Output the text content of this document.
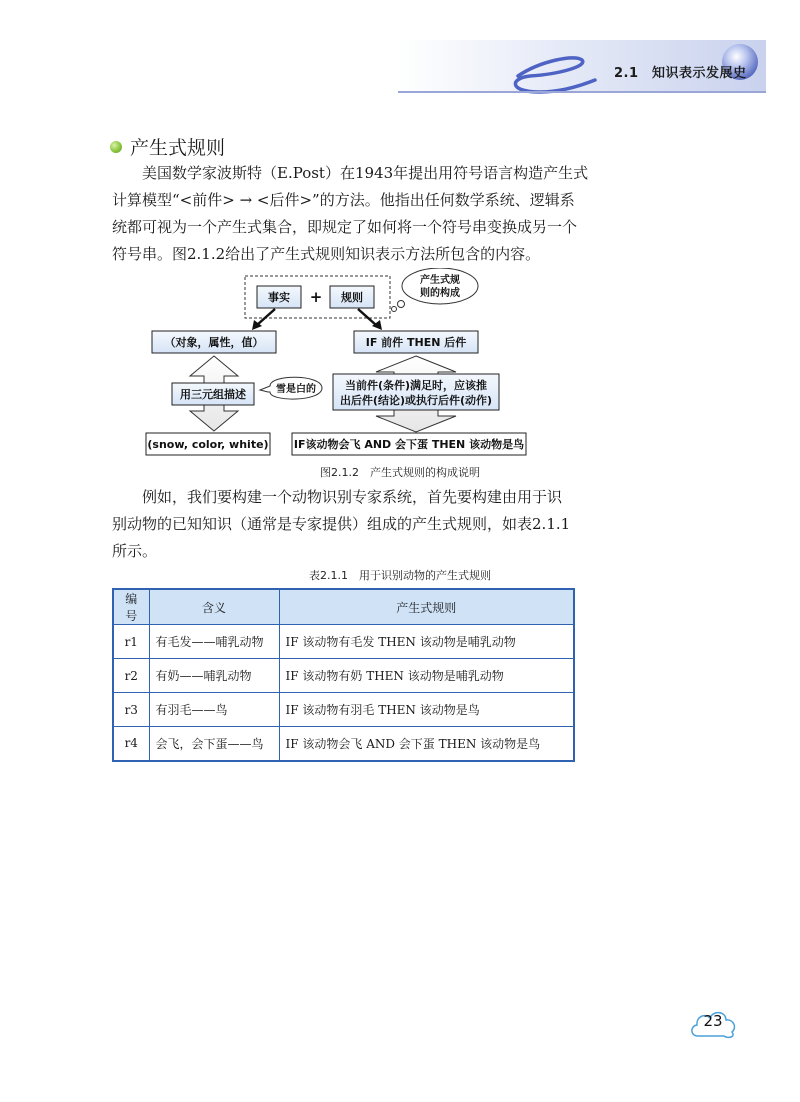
2.1　知识表示发展史
产生式规则
美国数学家波斯特（E.Post）在1943年提出用符号语言构造产生式
计算模型“<前件> → <后件>”的方法。他指出任何数学系统、逻辑系
统都可视为一个产生式集合，即规定了如何将一个符号串变换成另一个
符号串。图2.1.2给出了产生式规则知识表示方法所包含的内容。
事实 + 规则
产生式规
则的构成
（对象，属性，值）	IF 前件 THEN 后件
用三元组描述	雪是白的	当前件(条件)满足时，应该推
出后件(结论)或执行后件(动作)
(snow, color, white) IF该动物会飞 AND 会下蛋 THEN 该动物是鸟
图2.1.2　产生式规则的构成说明
例如，我们要构建一个动物识别专家系统，首先要构建由用于识
别动物的已知知识（通常是专家提供）组成的产生式规则，如表2.1.1
所示。
表2.1.1　用于识别动物的产生式规则
编号	含义	产生式规则
r1	有毛发——哺乳动物	IF 该动物有毛发 THEN 该动物是哺乳动物
r2	有奶——哺乳动物	IF 该动物有奶 THEN 该动物是哺乳动物
r3	有羽毛——鸟	IF 该动物有羽毛 THEN 该动物是鸟
r4	会飞，会下蛋——鸟	IF 该动物会飞 AND 会下蛋 THEN 该动物是鸟
23
